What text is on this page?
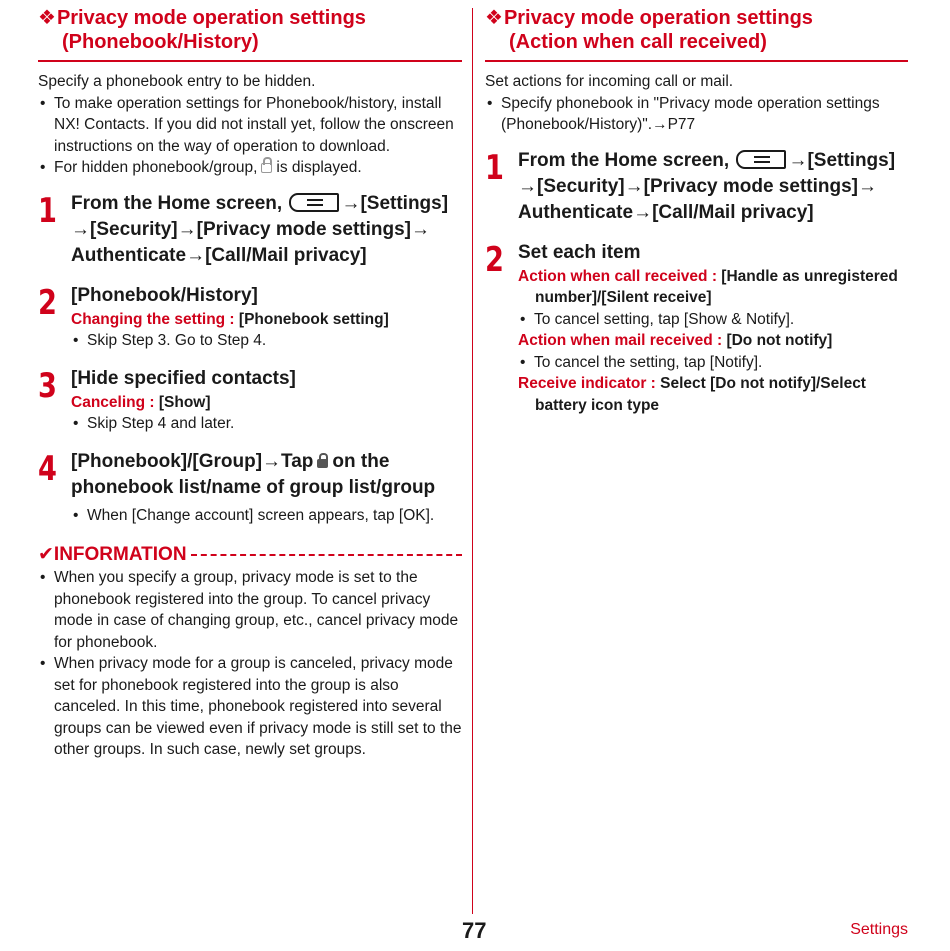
❖Privacy mode operation settings
(Phonebook/History)

Specify a phonebook entry to be hidden.

• To make operation settings for Phonebook/history, install NX! Contacts. If you did not install yet, follow the onscreen instructions on the way of operation to download.
• For hidden phonebook/group, is displayed.
1 From the Home screen,	→[Settings] →[Security]→[Privacy mode settings]→ Authenticate→[Call/Mail privacy]
2 [Phonebook/History]
Changing the setting : [Phonebook setting]
• Skip Step 3. Go to Step 4.
3 [Hide specified contacts]
Canceling : [Show]
• Skip Step 4 and later.
4 [Phonebook]/[Group]→Tap on the phonebook list/name of group list/group
• When [Change account] screen appears, tap [OK].
✔INFORMATION
• When you specify a group, privacy mode is set to the phonebook registered into the group. To cancel privacy mode in case of changing group, etc., cancel privacy mode for phonebook.
• When privacy mode for a group is canceled, privacy mode set for phonebook registered into the group is also canceled. In this time, phonebook registered into several groups can be viewed even if privacy mode is still set to the other groups. In such case, newly set groups.
❖Privacy mode operation settings
(Action when call received)

Set actions for incoming call or mail.

• Specify phonebook in "Privacy mode operation settings (Phonebook/History)".→P77
1 From the Home screen,	→[Settings] →[Security]→[Privacy mode settings]→ Authenticate→[Call/Mail privacy]
2 Set each item
Action when call received : [Handle as unregistered number]/[Silent receive]
• To cancel setting, tap [Show & Notify].
Action when mail received : [Do not notify]
• To cancel the setting, tap [Notify].
Receive indicator : Select [Do not notify]/Select battery icon type
77	Settings
